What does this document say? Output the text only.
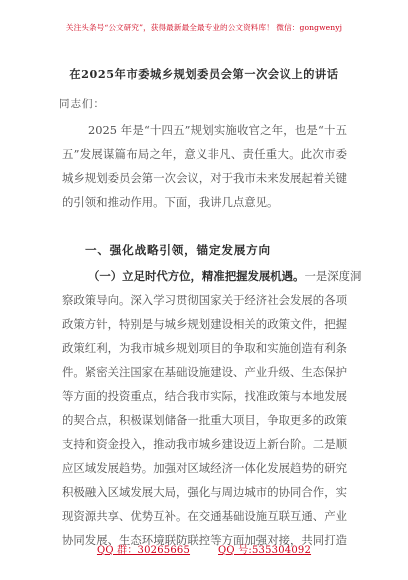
关注头条号“公文研究”，获得最新最全最专业的公文资料库！ 微信：gongwenyj
在2025年市委城乡规划委员会第一次会议上的讲话
同志们：
2025 年是“十四五”规划实施收官之年，也是“十五
五”发展谋篇布局之年，意义非凡、责任重大。此次市委
城乡规划委员会第一次会议，对于我市未来发展起着关键
的引领和推动作用。下面，我讲几点意见。
一、强化战略引领，锚定发展方向
（一）立足时代方位，精准把握发展机遇。一是深度洞
察政策导向。深入学习贯彻国家关于经济社会发展的各项
政策方针，特别是与城乡规划建设相关的政策文件，把握
政策红利，为我市城乡规划项目的争取和实施创造有利条
件。紧密关注国家在基础设施建设、产业升级、生态保护
等方面的投资重点，结合我市实际，找准政策与本地发展
的契合点，积极谋划储备一批重大项目，争取更多的政策
支持和资金投入，推动我市城乡建设迈上新台阶。二是顺
应区域发展趋势。加强对区域经济一体化发展趋势的研究
积极融入区域发展大局，强化与周边城市的协同合作，实
现资源共享、优势互补。在交通基础设施互联互通、产业
协同发展、生态环境联防联控等方面加强对接，共同打造
QQ 群：30265665	QQ 号:535304092
